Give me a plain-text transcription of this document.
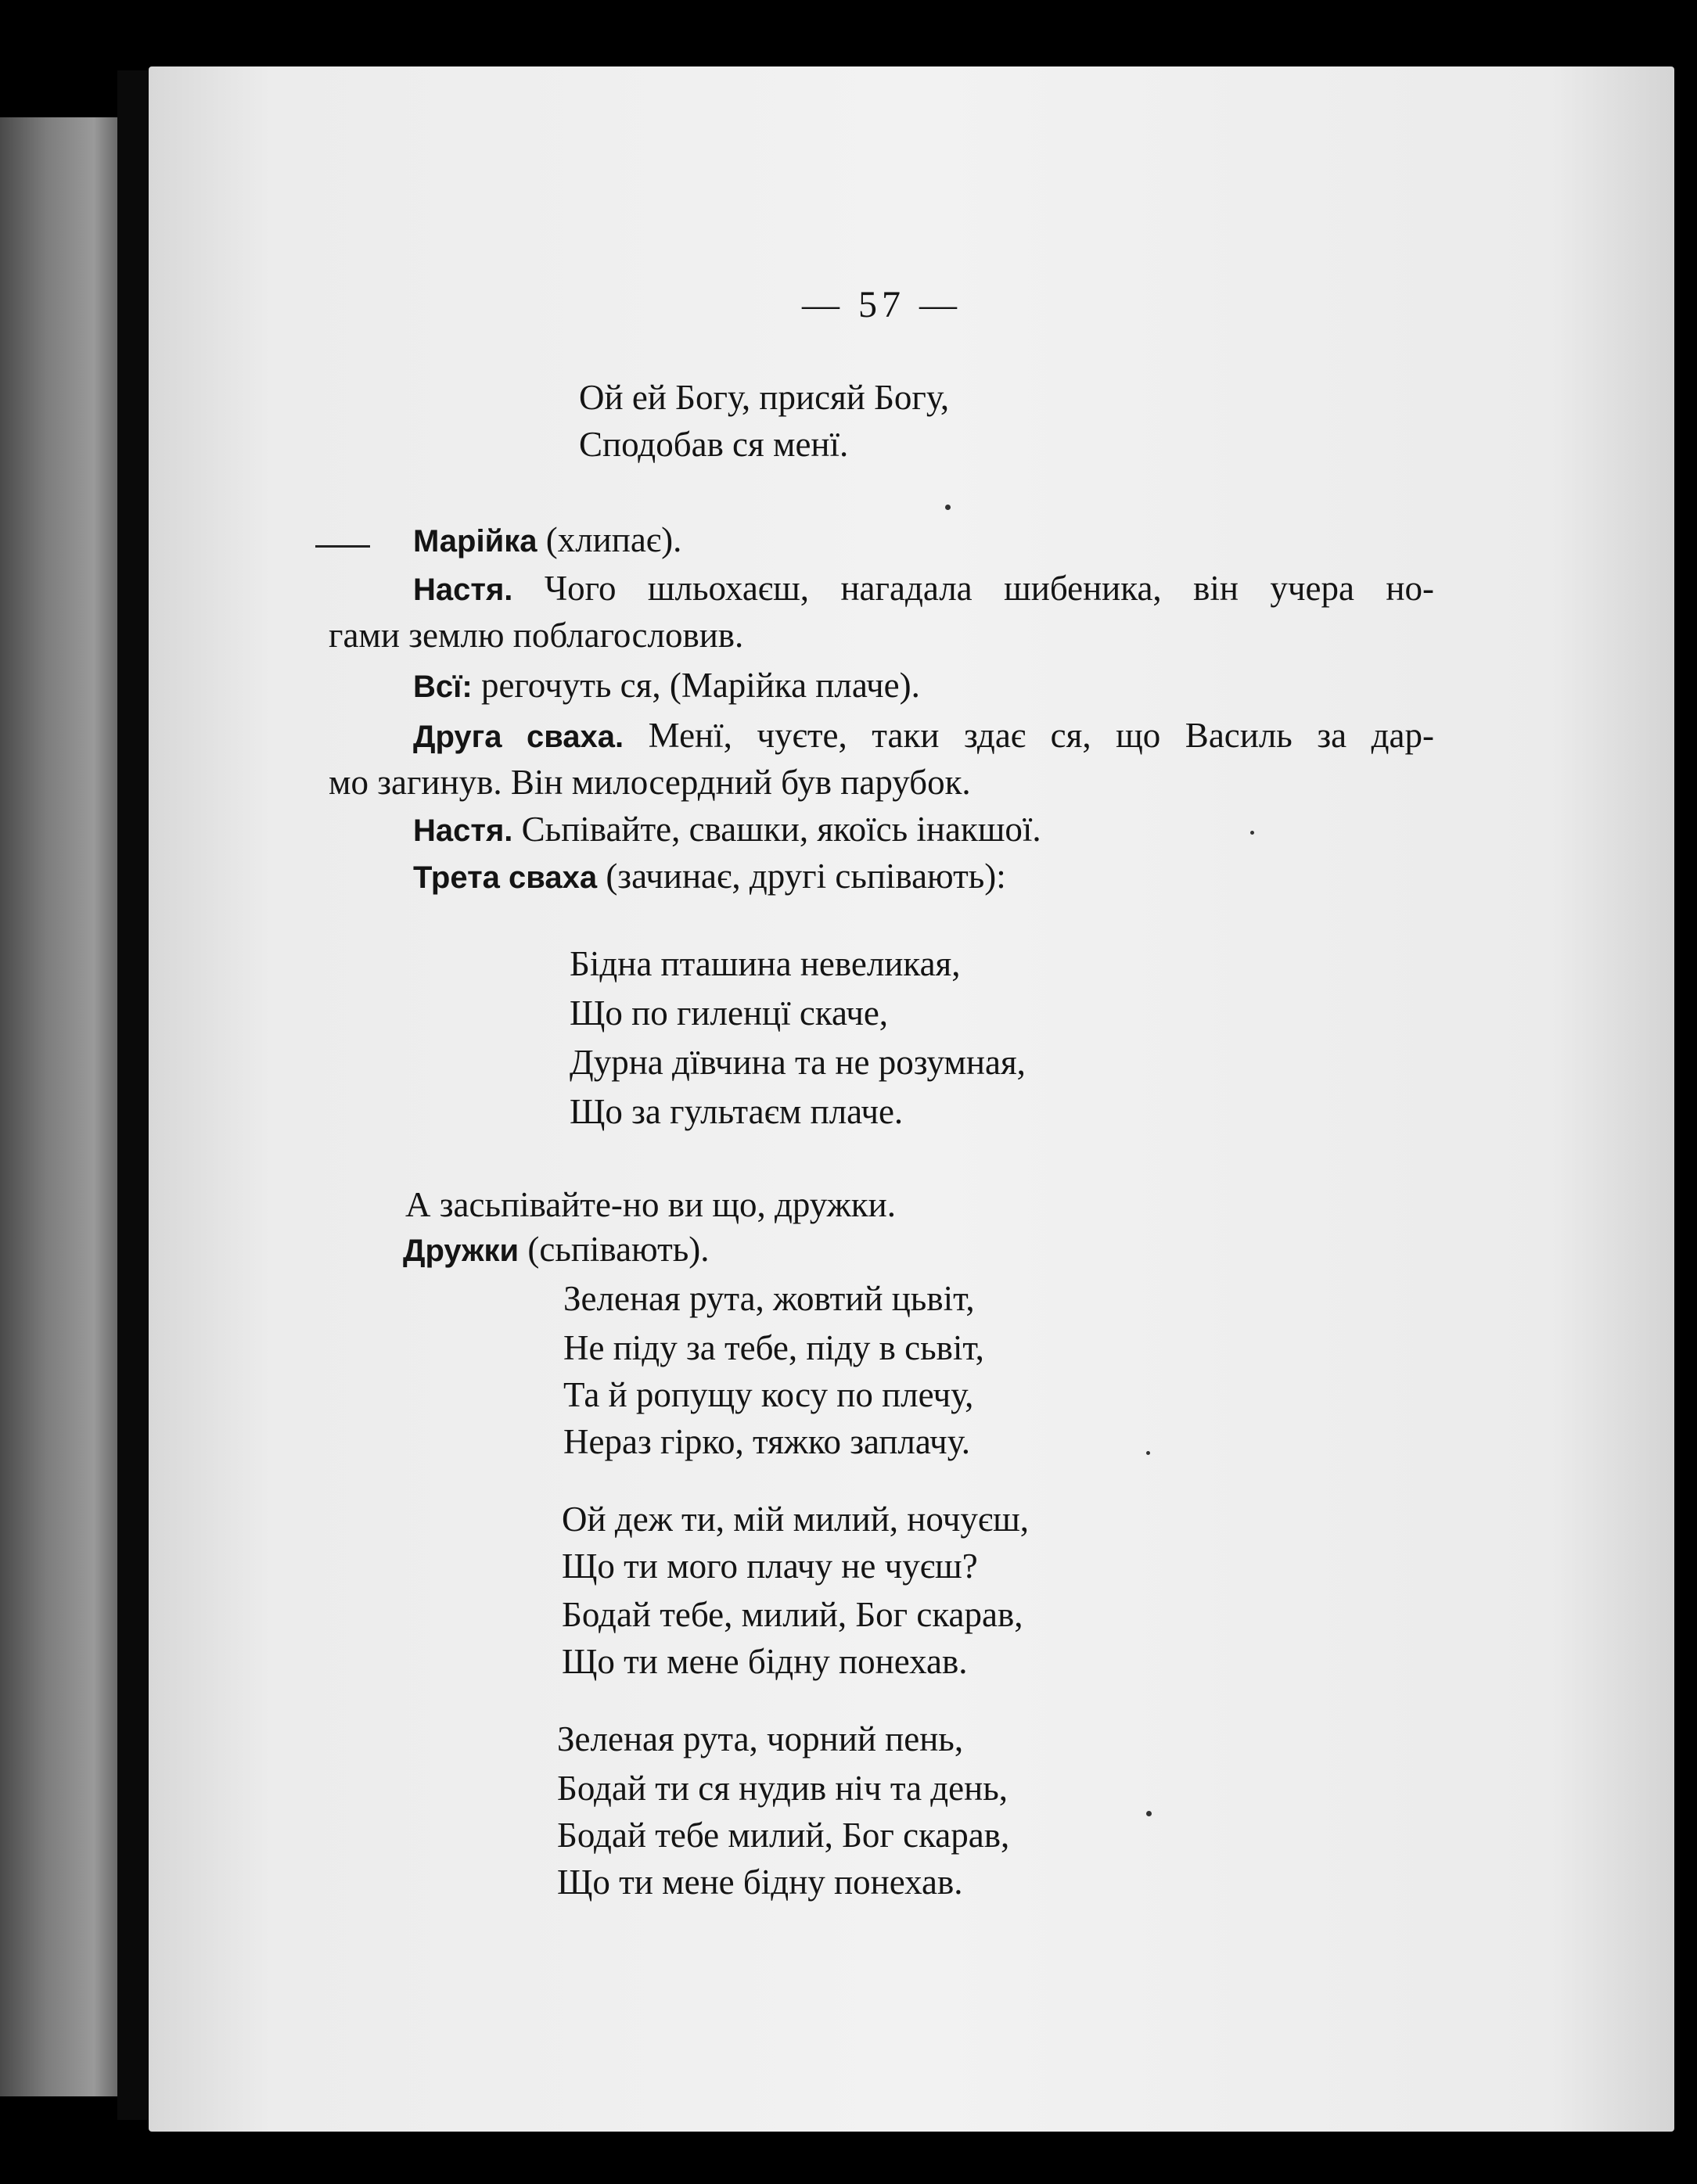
— 57 —
Ой ей Богу, присяй Богу,
Сподобав ся менї.
Марійка (хлипає).
Настя. Чого шльохаєш, нагадала шибеника, він учера но-
гами землю поблагословив.
Всї: регочуть ся, (Марійка плаче).
Друга сваха. Менї, чуєте, таки здає ся, що Василь за дар-
мо загинув. Він милосердний був парубок.
Настя. Сьпівайте, свашки, якоїсь інакшої.
Трета сваха (зачинає, другі сьпівають):
Бідна пташина невеликая,
Що по гиленцї скаче,
Дурна дївчина та не розумная,
Що за гультаєм плаче.
А засьпівайте-но ви що, дружки.
Дружки (сьпівають).
Зеленая рута, жовтий цьвіт,
Не піду за тебе, піду в сьвіт,
Та й ропущу косу по плечу,
Нераз гірко, тяжко заплачу.
Ой деж ти, мій милий, ночуєш,
Що ти мого плачу не чуєш?
Бодай тебе, милий, Бог скарав,
Що ти мене бідну понехав.
Зеленая рута, чорний пень,
Бодай ти ся нудив ніч та день,
Бодай тебе милий, Бог скарав,
Що ти мене бідну понехав.
